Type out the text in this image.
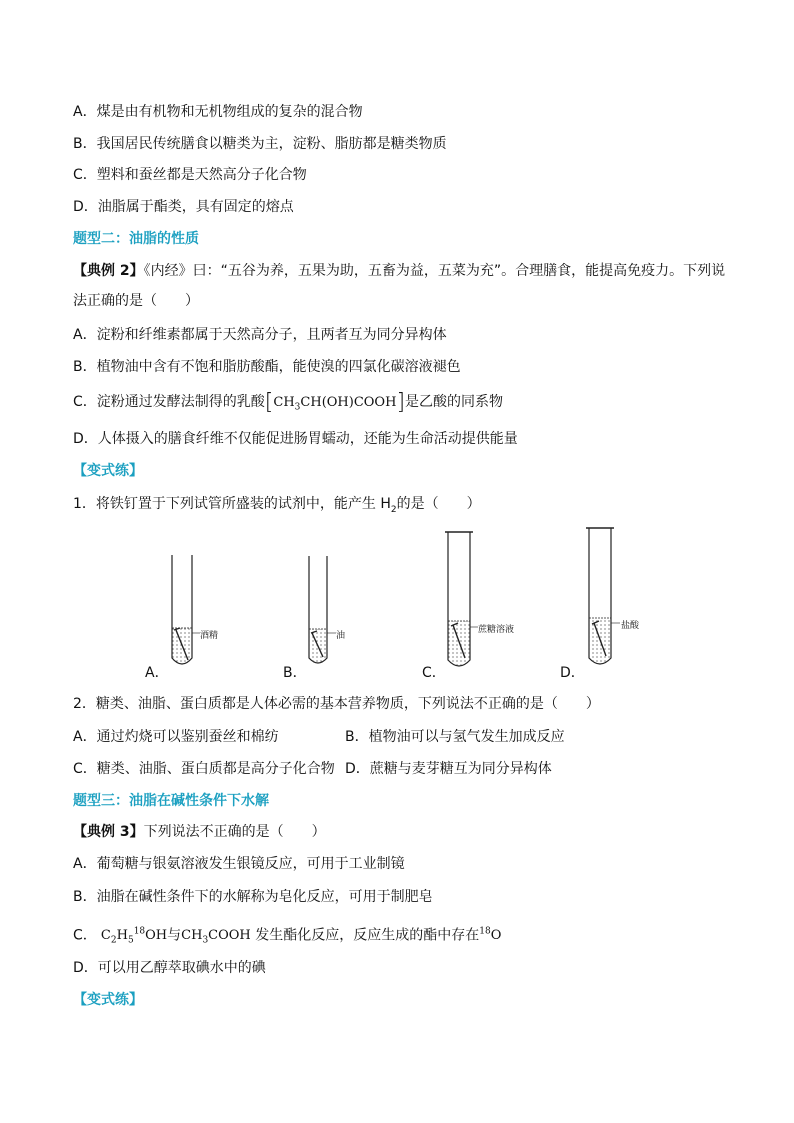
A．煤是由有机物和无机物组成的复杂的混合物
B．我国居民传统膳食以糖类为主，淀粉、脂肪都是糖类物质
C．塑料和蚕丝都是天然高分子化合物
D．油脂属于酯类，具有固定的熔点
题型二：油脂的性质
【典例 2】《内经》曰：“五谷为养，五果为助，五畜为益，五菜为充”。合理膳食，能提高免疫力。下列说
法正确的是（　　）
A．淀粉和纤维素都属于天然高分子，且两者互为同分异构体
B．植物油中含有不饱和脂肪酸酯，能使溴的四氯化碳溶液褪色
C．淀粉通过发酵法制得的乳酸$[CH_3CH(OH)COOH]$是乙酸的同系物
D．人体摄入的膳食纤维不仅能促进肠胃蠕动，还能为生命活动提供能量
【变式练】
1．将铁钉置于下列试管所盛装的试剂中，能产生 $H_2$的是（　　）
酒精	油
蔗糖溶液	盐酸
A．	B．	C．	D．
2．糖类、油脂、蛋白质都是人体必需的基本营养物质，下列说法不正确的是（　　）
A．通过灼烧可以鉴别蚕丝和棉纺	B．植物油可以与氢气发生加成反应
C．糖类、油脂、蛋白质都是高分子化合物 D．蔗糖与麦芽糖互为同分异构体
题型三：油脂在碱性条件下水解
【典例 3】下列说法不正确的是（　　）
A．葡萄糖与银氨溶液发生银镜反应，可用于工业制镜
B．油脂在碱性条件下的水解称为皂化反应，可用于制肥皂
C． $C_2H_5^{18}OH$与$CH_3COOH$ 发生酯化反应，反应生成的酯中存在$^{18}$O
D．可以用乙醇萃取碘水中的碘
【变式练】
